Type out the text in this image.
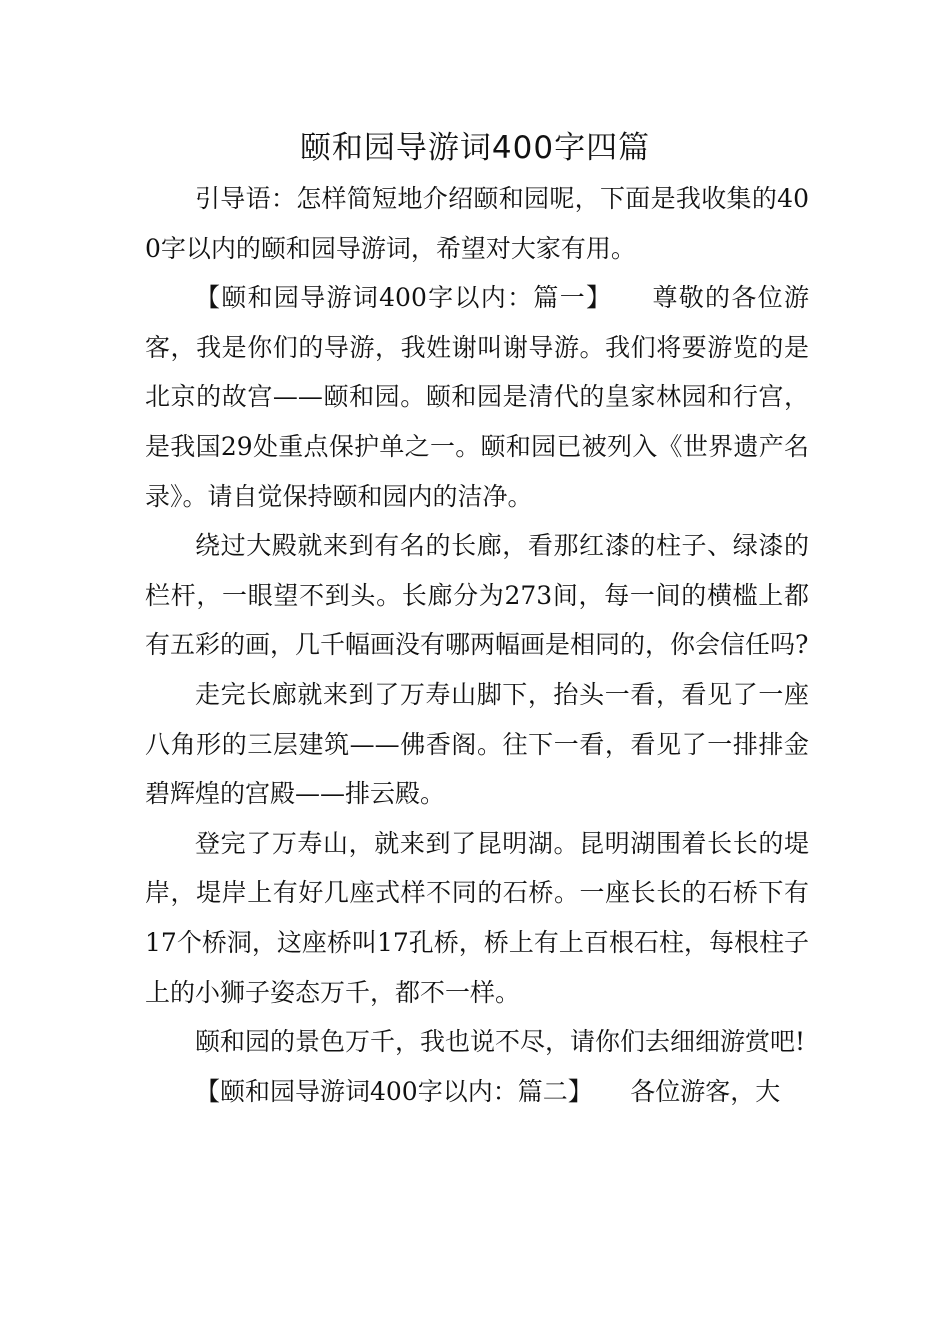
颐和园导游词400字四篇

引导语：怎样简短地介绍颐和园呢，下面是我收集的400字以内的颐和园导游词，希望对大家有用。

【颐和园导游词400字以内：篇一】　　尊敬的各位游客，我是你们的导游，我姓谢叫谢导游。我们将要游览的是北京的故宫——颐和园。颐和园是清代的皇家林园和行宫，是我国29处重点保护单之一。颐和园已被列入《世界遗产名录》。请自觉保持颐和园内的洁净。

绕过大殿就来到有名的长廊，看那红漆的柱子、绿漆的栏杆，一眼望不到头。长廊分为273间，每一间的横槛上都有五彩的画，几千幅画没有哪两幅画是相同的，你会信任吗?

走完长廊就来到了万寿山脚下，抬头一看，看见了一座八角形的三层建筑——佛香阁。往下一看，看见了一排排金碧辉煌的宫殿——排云殿。

登完了万寿山，就来到了昆明湖。昆明湖围着长长的堤岸，堤岸上有好几座式样不同的石桥。一座长长的石桥下有17个桥洞，这座桥叫17孔桥，桥上有上百根石柱，每根柱子上的小狮子姿态万千，都不一样。

颐和园的景色万千，我也说不尽，请你们去细细游赏吧!

【颐和园导游词400字以内：篇二】　　各位游客，大
